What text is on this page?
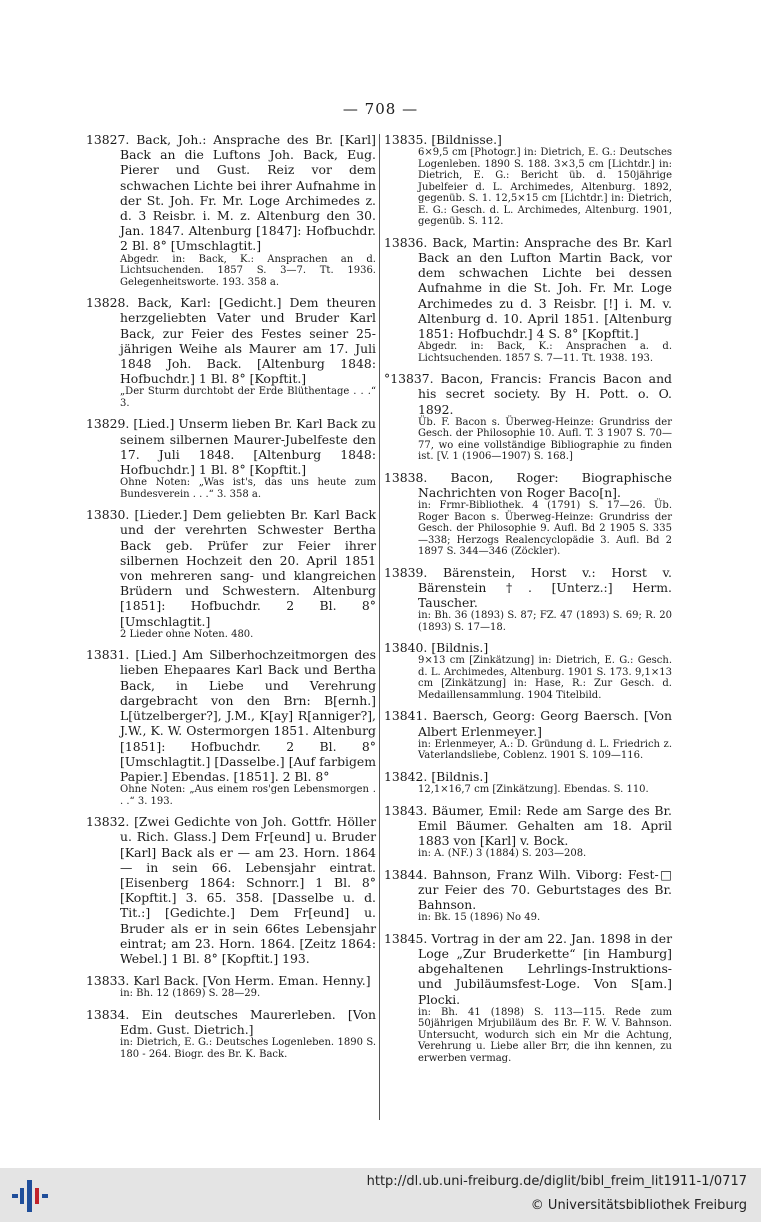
— 708 —
13827. Back, Joh.: Ansprache des Br. [Karl] Back an die Luftons Joh. Back, Eug. Pierer und Gust. Reiz vor dem schwachen Lichte bei ihrer Aufnahme in der St. Joh. Fr. Mr. Loge Archimedes z. d. 3 Reisbr. i. M. z. Altenburg den 30. Jan. 1847. Altenburg [1847]: Hofbuchdr. 2 Bl. 8° [Umschlagtit.]
Abgedr. in: Back, K.: Ansprachen an d. Lichtsuchenden. 1857 S. 3—7. Tt. 1936. Gelegenheitsworte. 193. 358 a.
13828. Back, Karl: [Gedicht.] Dem theuren herzgeliebten Vater und Bruder Karl Back, zur Feier des Festes seiner 25-jährigen Weihe als Maurer am 17. Juli 1848 Joh. Back. [Altenburg 1848: Hofbuchdr.] 1 Bl. 8° [Kopftit.]
„Der Sturm durchtobt der Erde Blüthentage . . .“ 3.
13829. [Lied.] Unserm lieben Br. Karl Back zu seinem silbernen Maurer-Jubelfeste den 17. Juli 1848. [Altenburg 1848: Hofbuchdr.] 1 Bl. 8° [Kopftit.]
Ohne Noten: „Was ist's, das uns heute zum Bundesverein . . .“ 3. 358 a.
13830. [Lieder.] Dem geliebten Br. Karl Back und der verehrten Schwester Bertha Back geb. Prüfer zur Feier ihrer silbernen Hochzeit den 20. April 1851 von mehreren sang- und klangreichen Brüdern und Schwestern. Altenburg [1851]: Hofbuchdr. 2 Bl. 8° [Umschlagtit.]
2 Lieder ohne Noten. 480.
13831. [Lied.] Am Silberhochzeitmorgen des lieben Ehepaares Karl Back und Bertha Back, in Liebe und Verehrung dargebracht von den Brn: B[ernh.] L[ützelberger?], J.M., K[ay] R[anniger?], J.W., K. W. Ostermorgen 1851. Altenburg [1851]: Hofbuchdr. 2 Bl. 8° [Umschlagtit.] [Dasselbe.] [Auf farbigem Papier.] Ebendas. [1851]. 2 Bl. 8°
Ohne Noten: „Aus einem ros'gen Lebensmorgen . . .“ 3. 193.
13832. [Zwei Gedichte von Joh. Gottfr. Höller u. Rich. Glass.] Dem Fr[eund] u. Bruder [Karl] Back als er — am 23. Horn. 1864 — in sein 66. Lebensjahr eintrat. [Eisenberg 1864: Schnorr.] 1 Bl. 8° [Kopftit.] 3. 65. 358. [Dasselbe u. d. Tit.:] [Gedichte.] Dem Fr[eund] u. Bruder als er in sein 66tes Lebensjahr eintrat; am 23. Horn. 1864. [Zeitz 1864: Webel.] 1 Bl. 8° [Kopftit.] 193.
13833. Karl Back. [Von Herm. Eman. Henny.]
in: Bh. 12 (1869) S. 28—29.
13834. Ein deutsches Maurerleben. [Von Edm. Gust. Dietrich.]
in: Dietrich, E. G.: Deutsches Logenleben. 1890 S. 180 - 264. Biogr. des Br. K. Back.
13835. [Bildnisse.]
6×9,5 cm [Photogr.] in: Dietrich, E. G.: Deutsches Logenleben. 1890 S. 188. 3×3,5 cm [Lichtdr.] in: Dietrich, E. G.: Bericht üb. d. 150jährige Jubelfeier d. L. Archimedes, Altenburg. 1892, gegenüb. S. 1. 12,5×15 cm [Lichtdr.] in: Dietrich, E. G.: Gesch. d. L. Archimedes, Altenburg. 1901, gegenüb. S. 112.
13836. Back, Martin: Ansprache des Br. Karl Back an den Lufton Martin Back, vor dem schwachen Lichte bei dessen Aufnahme in die St. Joh. Fr. Mr. Loge Archimedes zu d. 3 Reisbr. [!] i. M. v. Altenburg d. 10. April 1851. [Altenburg 1851: Hofbuchdr.] 4 S. 8° [Kopftit.]
Abgedr. in: Back, K.: Ansprachen a. d. Lichtsuchenden. 1857 S. 7—11. Tt. 1938. 193.
°13837. Bacon, Francis: Francis Bacon and his secret society. By H. Pott. o. O. 1892.
Üb. F. Bacon s. Überweg-Heinze: Grundriss der Gesch. der Philosophie 10. Aufl. T. 3 1907 S. 70—77, wo eine vollständige Bibliographie zu finden ist. [V. 1 (1906—1907) S. 168.]
13838. Bacon, Roger: Biographische Nachrichten von Roger Baco[n].
in: Frmr-Bibliothek. 4 (1791) S. 17—26. Üb. Roger Bacon s. Überweg-Heinze: Grundriss der Gesch. der Philosophie 9. Aufl. Bd 2 1905 S. 335—338; Herzogs Realencyclopädie 3. Aufl. Bd 2 1897 S. 344—346 (Zöckler).
13839. Bärenstein, Horst v.: Horst v. Bärenstein †. [Unterz.:] Herm. Tauscher.
in: Bh. 36 (1893) S. 87; FZ. 47 (1893) S. 69; R. 20 (1893) S. 17—18.
13840. [Bildnis.]
9×13 cm [Zinkätzung] in: Dietrich, E. G.: Gesch. d. L. Archimedes, Altenburg. 1901 S. 173. 9,1×13 cm [Zinkätzung] in: Hase, R.: Zur Gesch. d. Medaillensammlung. 1904 Titelbild.
13841. Baersch, Georg: Georg Baersch. [Von Albert Erlenmeyer.]
in: Erlenmeyer, A.: D. Gründung d. L. Friedrich z. Vaterlandsliebe, Coblenz. 1901 S. 109—116.
13842. [Bildnis.]
12,1×16,7 cm [Zinkätzung]. Ebendas. S. 110.
13843. Bäumer, Emil: Rede am Sarge des Br. Emil Bäumer. Gehalten am 18. April 1883 von [Karl] v. Bock.
in: A. (NF.) 3 (1884) S. 203—208.
13844. Bahnson, Franz Wilh. Viborg: Fest-□ zur Feier des 70. Geburtstages des Br. Bahnson.
in: Bk. 15 (1896) No 49.
13845. Vortrag in der am 22. Jan. 1898 in der Loge „Zur Bruderkette“ [in Hamburg] abgehaltenen Lehrlings-Instruktions- und Jubiläumsfest-Loge. Von S[am.] Plocki.
in: Bh. 41 (1898) S. 113—115. Rede zum 50jährigen Mrjubiläum des Br. F. W. V. Bahnson. Untersucht, wodurch sich ein Mr die Achtung, Verehrung u. Liebe aller Brr, die ihn kennen, zu erwerben vermag.
http://dl.ub.uni-freiburg.de/diglit/bibl_freim_lit1911-1/0717
© Universitätsbibliothek Freiburg
